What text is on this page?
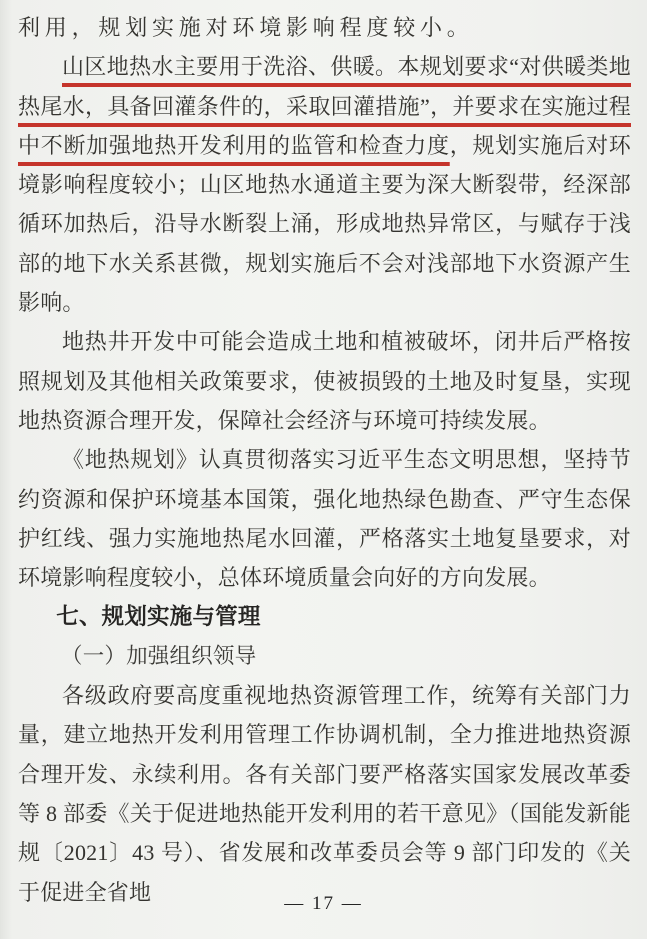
利用，规划实施对环境影响程度较小。

山区地热水主要用于洗浴、供暖。本规划要求“对供暖类地热尾水，具备回灌条件的，采取回灌措施”，并要求在实施过程中不断加强地热开发利用的监管和检查力度，规划实施后对环境影响程度较小；山区地热水通道主要为深大断裂带，经深部循环加热后，沿导水断裂上涌，形成地热异常区，与赋存于浅部的地下水关系甚微，规划实施后不会对浅部地下水资源产生影响。

地热井开发中可能会造成土地和植被破坏，闭井后严格按照规划及其他相关政策要求，使被损毁的土地及时复垦，实现地热资源合理开发，保障社会经济与环境可持续发展。

《地热规划》认真贯彻落实习近平生态文明思想，坚持节约资源和保护环境基本国策，强化地热绿色勘查、严守生态保护红线、强力实施地热尾水回灌，严格落实土地复垦要求，对环境影响程度较小，总体环境质量会向好的方向发展。

七、规划实施与管理

（一）加强组织领导

各级政府要高度重视地热资源管理工作，统筹有关部门力量，建立地热开发利用管理工作协调机制，全力推进地热资源合理开发、永续利用。各有关部门要严格落实国家发展改革委等 8 部委《关于促进地热能开发利用的若干意见》（国能发新能规〔2021〕43 号）、省发展和改革委员会等 9 部门印发的《关于促进全省地	— 17 —
